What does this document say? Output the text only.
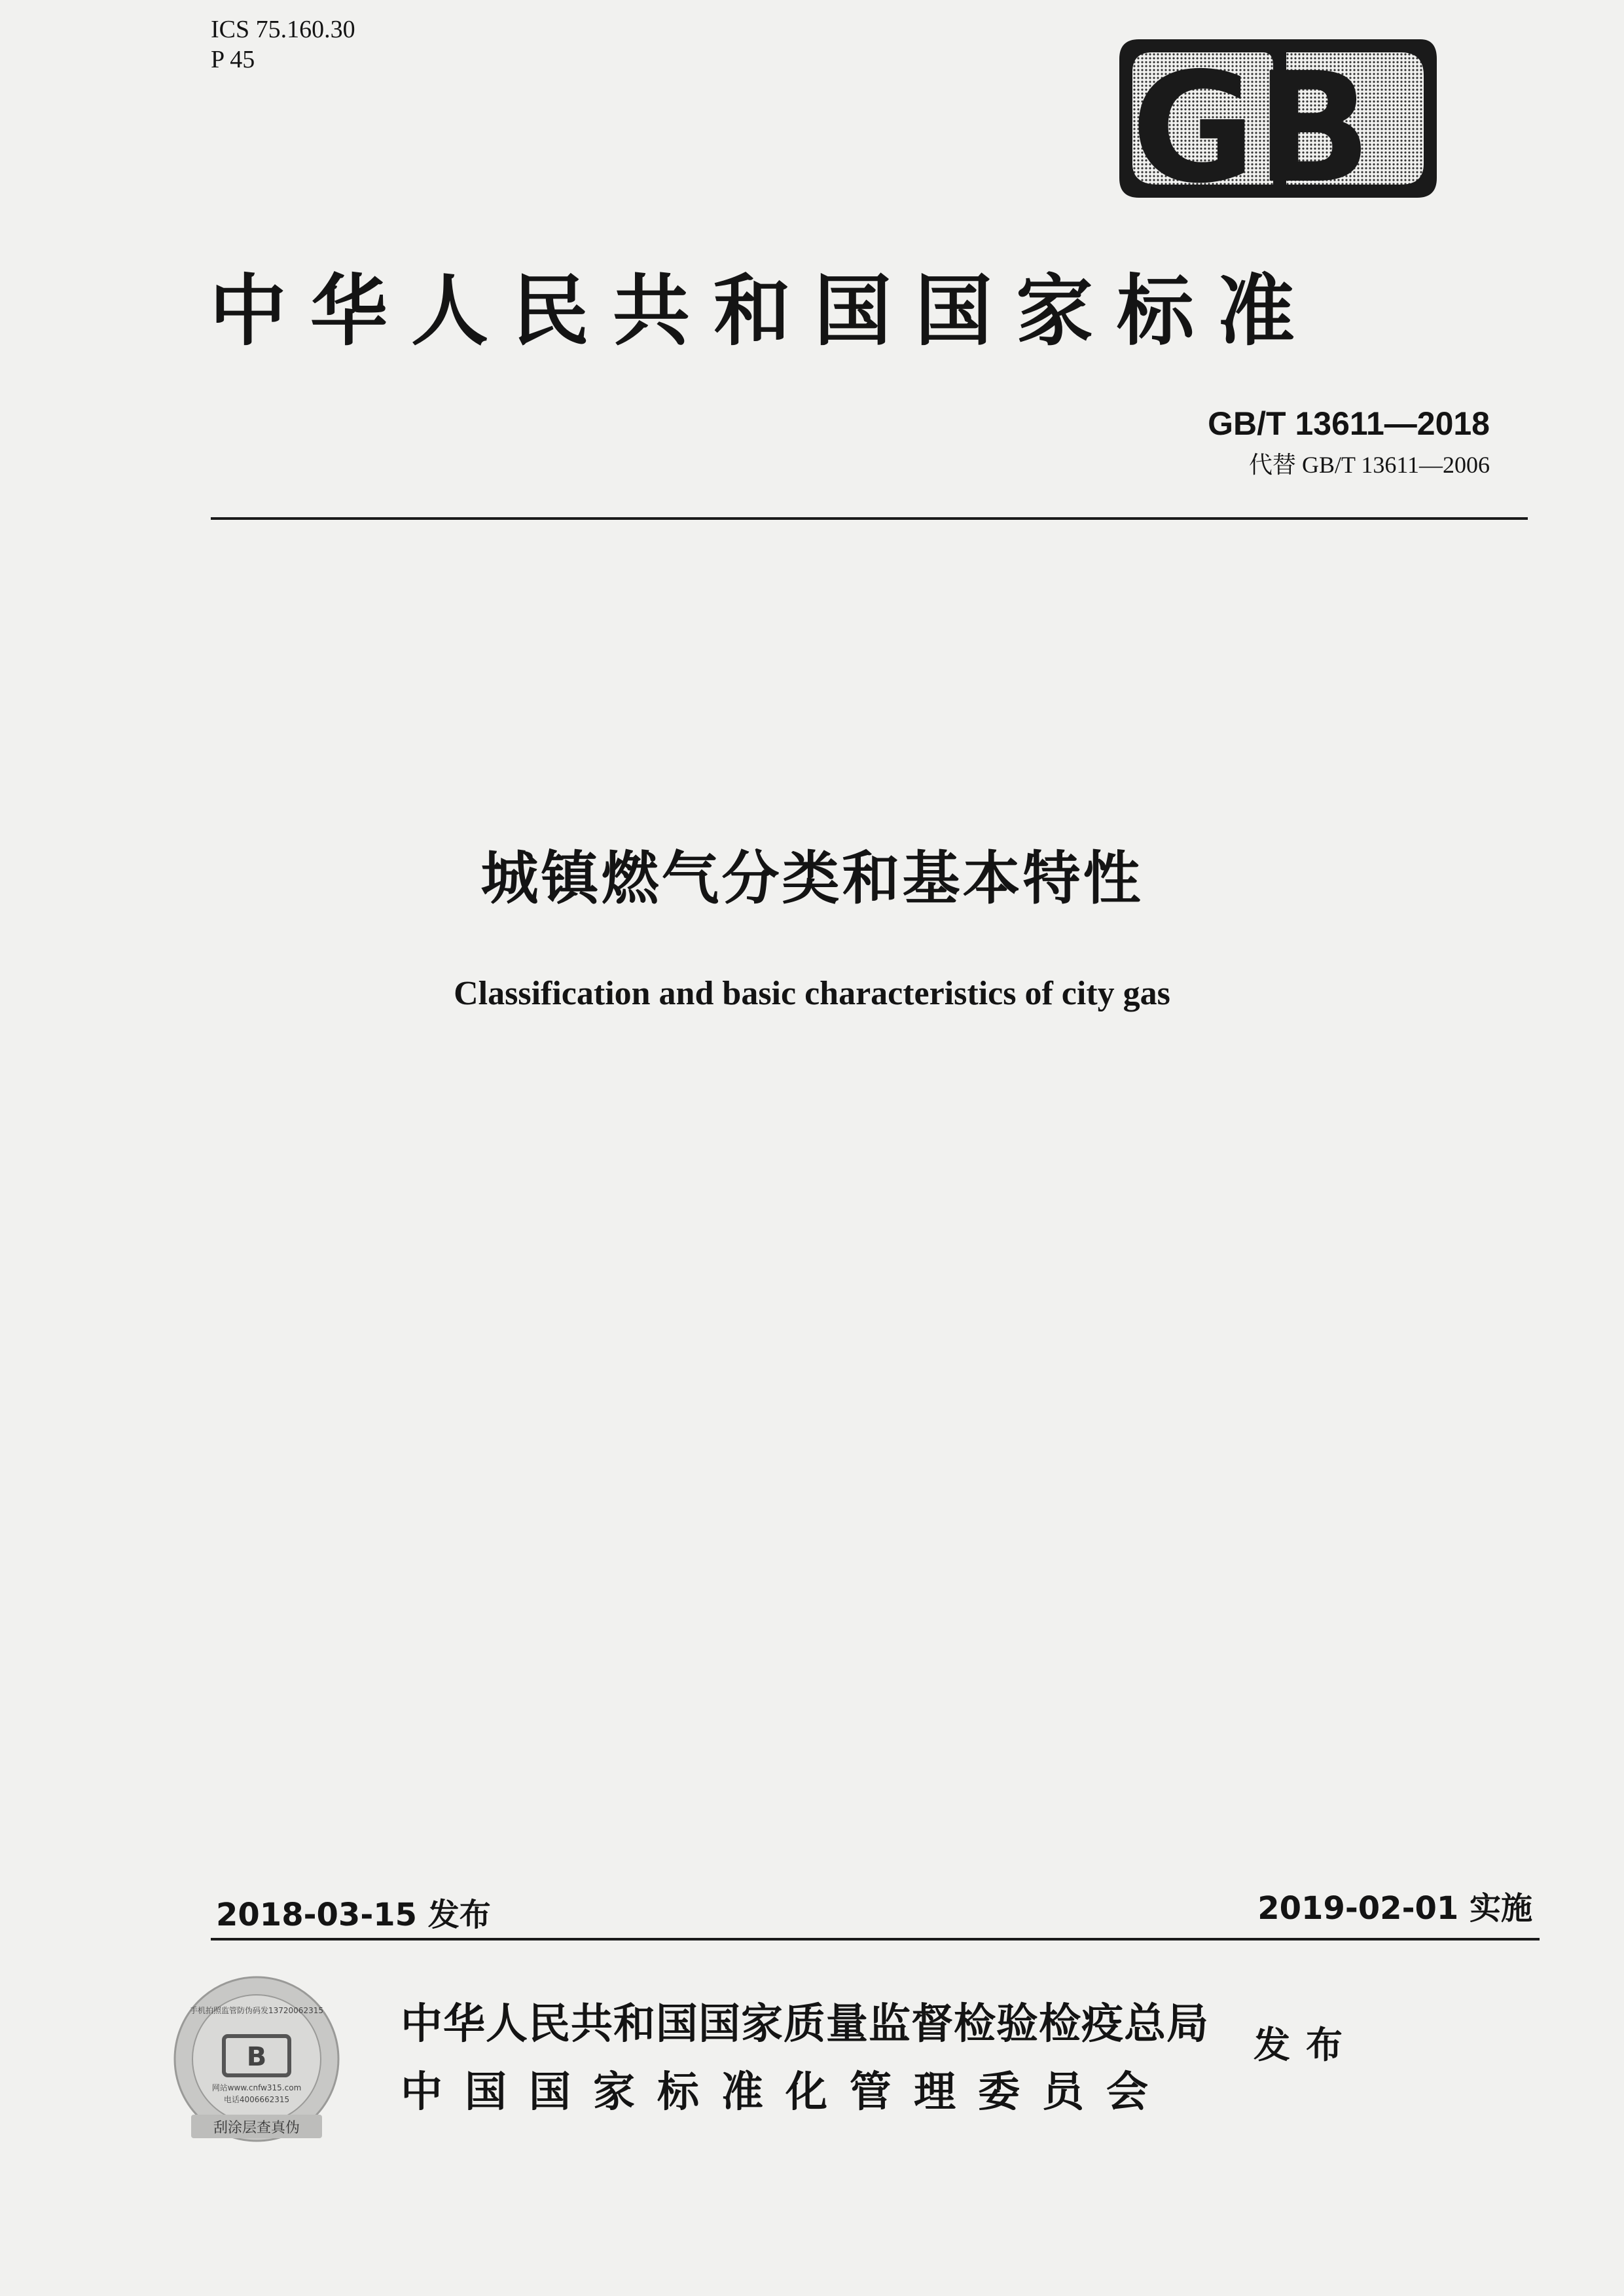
ICS 75.160.30
P 45	GB
中华人民共和国国家标准
GB/T 13611—2018
代替 GB/T 13611—2006
城镇燃气分类和基本特性
Classification and basic characteristics of city gas
2018-03-15 发布	2019-02-01 实施
B
网站www.cnfw315.com
电话4006662315
手机拍照监管防伪码发13720062315
刮涂层查真伪
中华人民共和国国家质量监督检验检疫总局
中国国家标准化管理委员会
发布
